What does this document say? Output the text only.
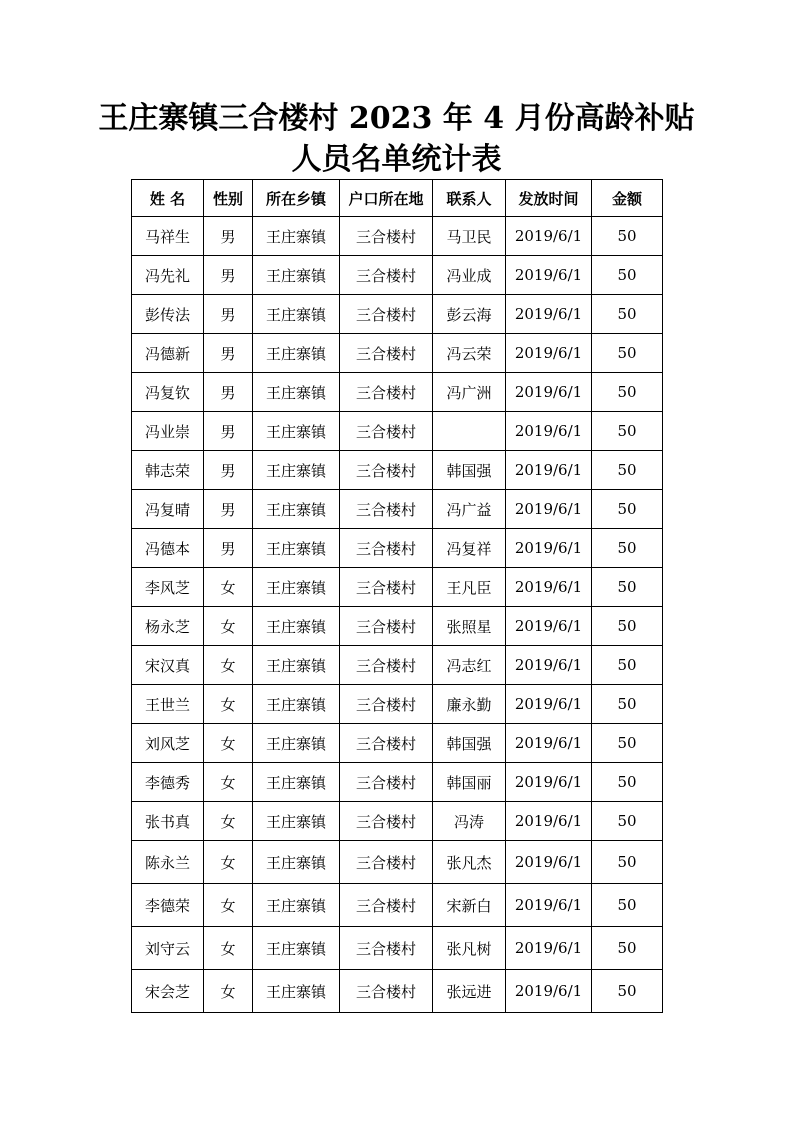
王庄寨镇三合楼村 2023 年 4 月份高龄补贴
人员名单统计表
姓 名	性别	所在乡镇	户口所在地	联系人	发放时间	金额
马祥生	男	王庄寨镇	三合楼村	马卫民	2019/6/1	50
冯先礼	男	王庄寨镇	三合楼村	冯业成	2019/6/1	50
彭传法	男	王庄寨镇	三合楼村	彭云海	2019/6/1	50
冯德新	男	王庄寨镇	三合楼村	冯云荣	2019/6/1	50
冯复钦	男	王庄寨镇	三合楼村	冯广洲	2019/6/1	50
冯业崇	男	王庄寨镇	三合楼村		2019/6/1	50
韩志荣	男	王庄寨镇	三合楼村	韩国强	2019/6/1	50
冯复晴	男	王庄寨镇	三合楼村	冯广益	2019/6/1	50
冯德本	男	王庄寨镇	三合楼村	冯复祥	2019/6/1	50
李风芝	女	王庄寨镇	三合楼村	王凡臣	2019/6/1	50
杨永芝	女	王庄寨镇	三合楼村	张照星	2019/6/1	50
宋汉真	女	王庄寨镇	三合楼村	冯志红	2019/6/1	50
王世兰	女	王庄寨镇	三合楼村	廉永勤	2019/6/1	50
刘风芝	女	王庄寨镇	三合楼村	韩国强	2019/6/1	50
李德秀	女	王庄寨镇	三合楼村	韩国丽	2019/6/1	50
张书真	女	王庄寨镇	三合楼村	冯涛	2019/6/1	50
陈永兰	女	王庄寨镇	三合楼村	张凡杰	2019/6/1	50
李德荣	女	王庄寨镇	三合楼村	宋新白	2019/6/1	50
刘守云	女	王庄寨镇	三合楼村	张凡树	2019/6/1	50
宋会芝	女	王庄寨镇	三合楼村	张远进	2019/6/1	50
